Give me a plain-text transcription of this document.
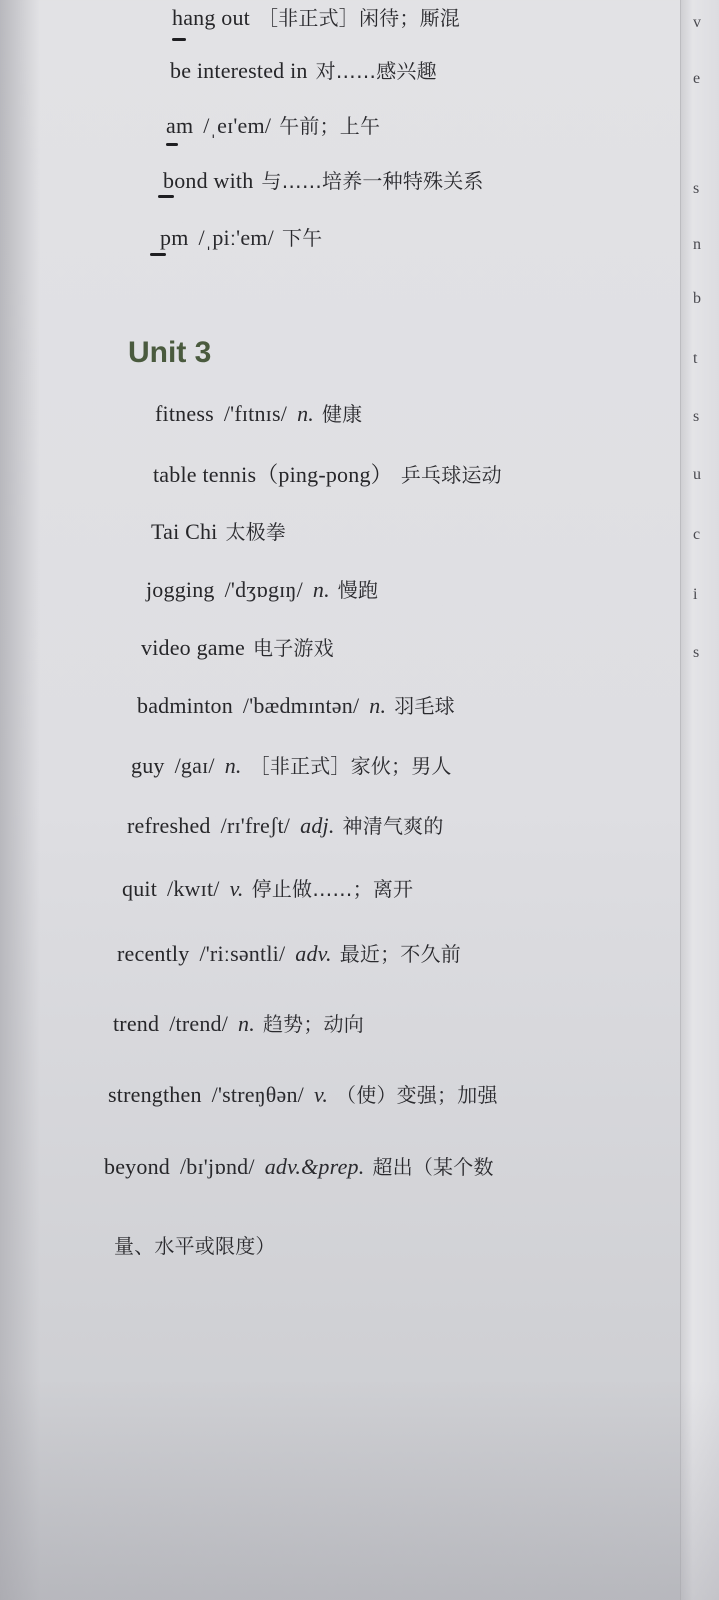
v
e
s
n
b
t
s
u
c
i
s
hang out ［非正式］闲待；厮混
be interested in 对……感兴趣
am /ˌeɪ'em/ 午前；上午
bond with 与……培养一种特殊关系
pm /ˌpiː'em/ 下午
Unit 3
fitness /'fɪtnɪs/ n. 健康
table tennis（ping-pong） 乒乓球运动
Tai Chi 太极拳
jogging /'dʒɒgɪŋ/ n. 慢跑
video game 电子游戏
badminton /'bædmɪntən/ n. 羽毛球
guy /gaɪ/ n. ［非正式］家伙；男人
refreshed /rɪ'freʃt/ adj. 神清气爽的
quit /kwɪt/ v. 停止做……；离开
recently /'riːsəntli/ adv. 最近；不久前
trend /trend/ n. 趋势；动向
strengthen /'streŋθən/ v. （使）变强；加强
beyond /bɪ'jɒnd/ adv.&prep. 超出（某个数
量、水平或限度）
